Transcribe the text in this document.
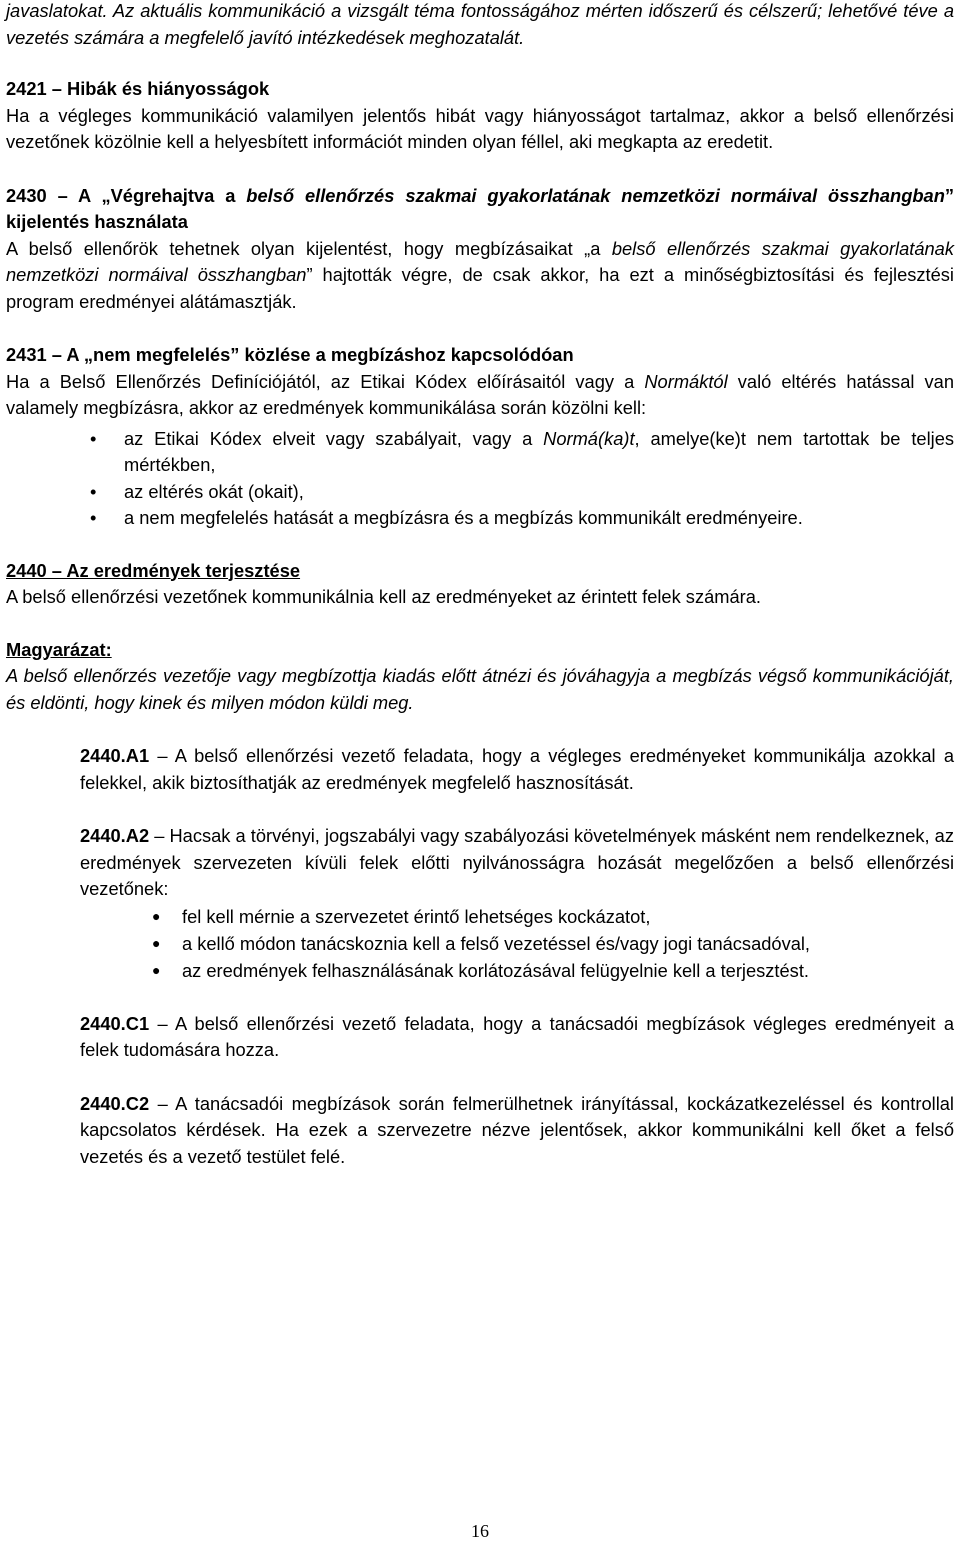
javaslatokat. Az aktuális kommunikáció a vizsgált téma fontosságához mérten időszerű és célszerű; lehetővé téve a vezetés számára a megfelelő javító intézkedések meghozatalát.

2421 – Hibák és hiányosságok

Ha a végleges kommunikáció valamilyen jelentős hibát vagy hiányosságot tartalmaz, akkor a belső ellenőrzési vezetőnek közölnie kell a helyesbített információt minden olyan féllel, aki megkapta az eredetit.

2430 – A „Végrehajtva a belső ellenőrzés szakmai gyakorlatának nemzetközi normáival összhangban” kijelentés használata

A belső ellenőrök tehetnek olyan kijelentést, hogy megbízásaikat „a belső ellenőrzés szakmai gyakorlatának nemzetközi normáival összhangban” hajtották végre, de csak akkor, ha ezt a minőségbiztosítási és fejlesztési program eredményei alátámasztják.

2431 – A „nem megfelelés” közlése a megbízáshoz kapcsolódóan

Ha a Belső Ellenőrzés Definíciójától, az Etikai Kódex előírásaitól vagy a Normáktól való eltérés hatással van valamely megbízásra, akkor az eredmények kommunikálása során közölni kell:

• az Etikai Kódex elveit vagy szabályait, vagy a Normá(ka)t, amelye(ke)t nem tartottak be teljes mértékben,
• az eltérés okát (okait),
• a nem megfelelés hatását a megbízásra és a megbízás kommunikált eredményeire.

2440 – Az eredmények terjesztése

A belső ellenőrzési vezetőnek kommunikálnia kell az eredményeket az érintett felek számára.

Magyarázat:

A belső ellenőrzés vezetője vagy megbízottja kiadás előtt átnézi és jóváhagyja a megbízás végső kommunikációját, és eldönti, hogy kinek és milyen módon küldi meg.

2440.A1 – A belső ellenőrzési vezető feladata, hogy a végleges eredményeket kommunikálja azokkal a felekkel, akik biztosíthatják az eredmények megfelelő hasznosítását.

2440.A2 – Hacsak a törvényi, jogszabályi vagy szabályozási követelmények másként nem rendelkeznek, az eredmények szervezeten kívüli felek előtti nyilvánosságra hozását megelőzően a belső ellenőrzési vezetőnek:

● fel kell mérnie a szervezetet érintő lehetséges kockázatot,
● a kellő módon tanácskoznia kell a felső vezetéssel és/vagy jogi tanácsadóval,
● az eredmények felhasználásának korlátozásával felügyelnie kell a terjesztést.

2440.C1 – A belső ellenőrzési vezető feladata, hogy a tanácsadói megbízások végleges eredményeit a felek tudomására hozza.

2440.C2 – A tanácsadói megbízások során felmerülhetnek irányítással, kockázatkezeléssel és kontrollal kapcsolatos kérdések. Ha ezek a szervezetre nézve jelentősek, akkor kommunikálni kell őket a felső vezetés és a vezető testület felé.

16
